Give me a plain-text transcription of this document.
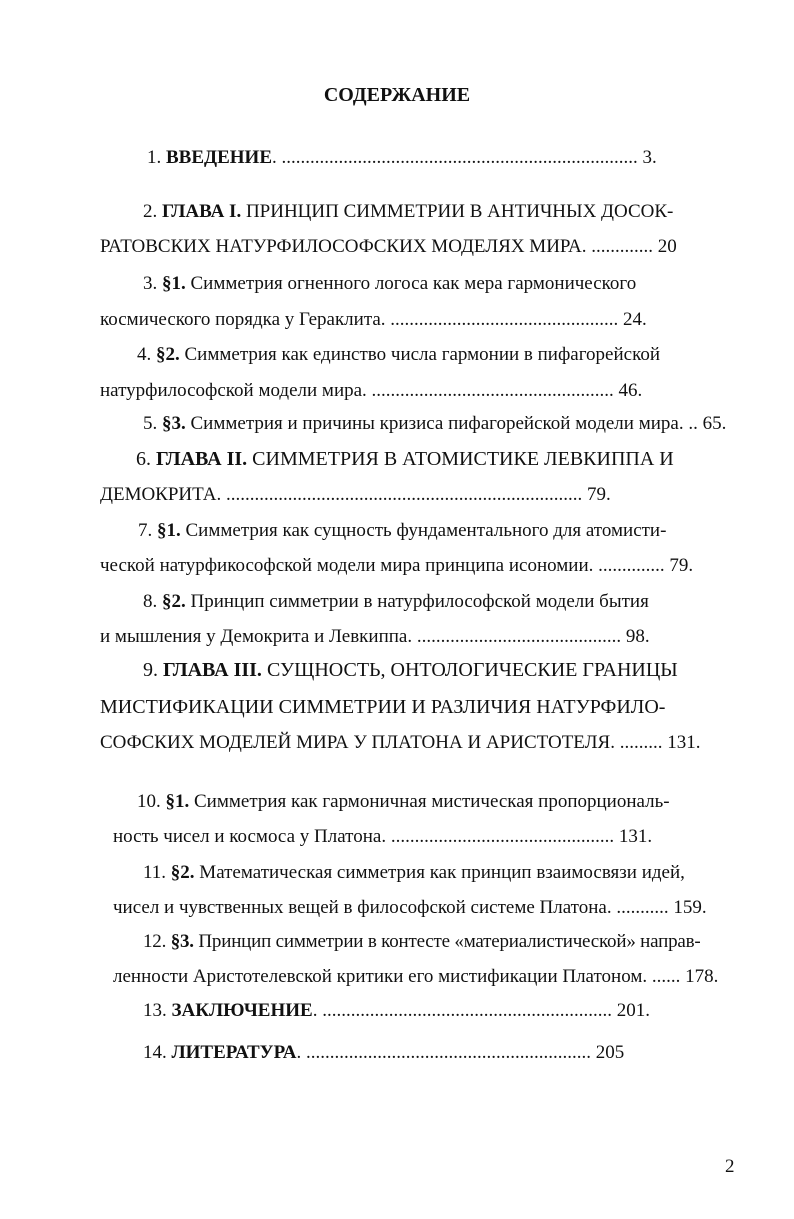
СОДЕРЖАНИЕ
1. ВВЕДЕНИЕ. ........................................................................... 3.
2. ГЛАВА I. ПРИНЦИП СИММЕТРИИ В АНТИЧНЫХ ДОСОК-
РАТОВСКИХ НАТУРФИЛОСОФСКИХ МОДЕЛЯХ МИРА. ............. 20
3. §1. Симметрия огненного логоса как мера гармонического
космического порядка у Гераклита. ................................................ 24.
4. §2. Симметрия как единство числа гармонии в пифагорейской
натурфилософской модели мира. ................................................... 46.
5. §3. Симметрия и причины кризиса пифагорейской модели мира. .. 65.
6. ГЛАВА II. СИММЕТРИЯ В АТОМИСТИКЕ ЛЕВКИППА И
ДЕМОКРИТА. ........................................................................... 79.
7. §1. Симметрия как сущность фундаментального для атомисти-
ческой натурфикософской модели мира принципа исономии. .............. 79.
8. §2. Принцип симметрии в натурфилософской модели бытия
и мышления у Демокрита и Левкиппа. ........................................... 98.
9. ГЛАВА III. СУЩНОСТЬ, ОНТОЛОГИЧЕСКИЕ ГРАНИЦЫ
МИСТИФИКАЦИИ СИММЕТРИИ И РАЗЛИЧИЯ НАТУРФИЛО-
СОФСКИХ МОДЕЛЕЙ МИРА У ПЛАТОНА И АРИСТОТЕЛЯ. ......... 131.
10. §1. Симметрия как гармоничная мистическая пропорциональ-
ность чисел и космоса у Платона. ............................................... 131.
11. §2. Математическая симметрия как принцип взаимосвязи идей,
чисел и чувственных вещей в философской системе Платона. ........... 159.
12. §3. Принцип симметрии в контесте «материалистической» направ-
ленности Аристотелевской критики его мистификации Платоном. ...... 178.
13. ЗАКЛЮЧЕНИЕ. ............................................................. 201.
14. ЛИТЕРАТУРА. ............................................................ 205
2
